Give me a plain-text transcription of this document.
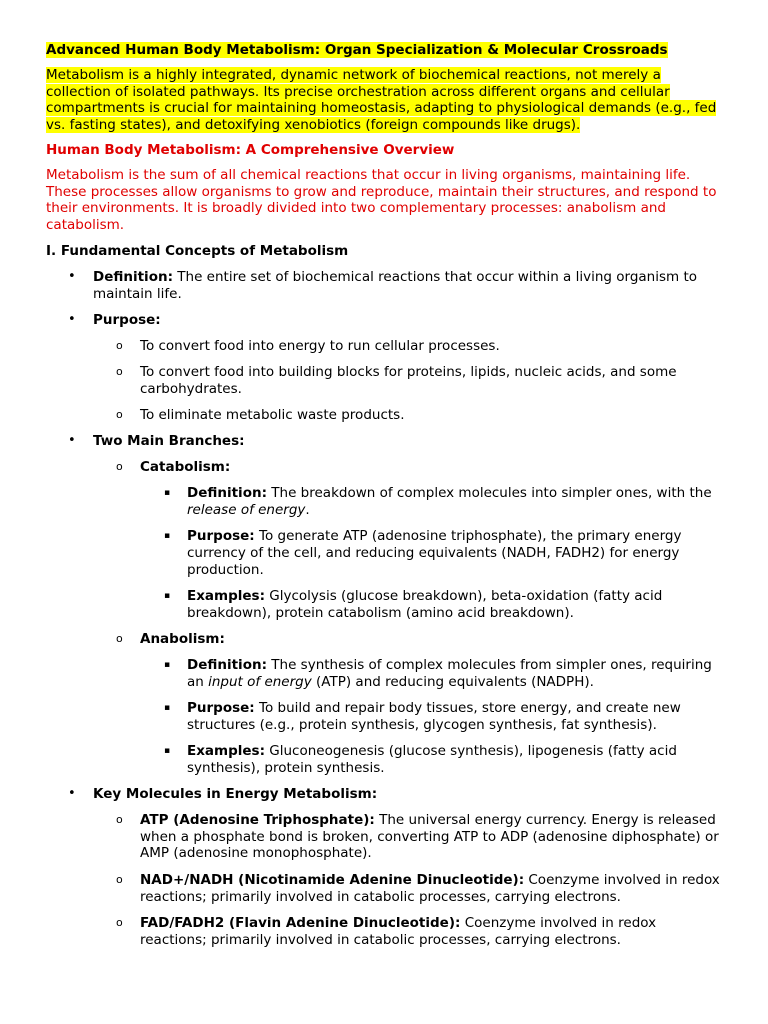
Advanced Human Body Metabolism: Organ Specialization & Molecular Crossroads

Metabolism is a highly integrated, dynamic network of biochemical reactions, not merely a collection of isolated pathways. Its precise orchestration across different organs and cellular compartments is crucial for maintaining homeostasis, adapting to physiological demands (e.g., fed vs. fasting states), and detoxifying xenobiotics (foreign compounds like drugs).

Human Body Metabolism: A Comprehensive Overview

Metabolism is the sum of all chemical reactions that occur in living organisms, maintaining life. These processes allow organisms to grow and reproduce, maintain their structures, and respond to their environments. It is broadly divided into two complementary processes: anabolism and catabolism.

I. Fundamental Concepts of Metabolism

• Definition: The entire set of biochemical reactions that occur within a living organism to maintain life.
• Purpose:
o To convert food into energy to run cellular processes.
o To convert food into building blocks for proteins, lipids, nucleic acids, and some carbohydrates.
o To eliminate metabolic waste products.
• Two Main Branches:
o Catabolism:
▪ Definition: The breakdown of complex molecules into simpler ones, with the release of energy.
▪ Purpose: To generate ATP (adenosine triphosphate), the primary energy currency of the cell, and reducing equivalents (NADH, FADH2) for energy production.
▪ Examples: Glycolysis (glucose breakdown), beta-oxidation (fatty acid breakdown), protein catabolism (amino acid breakdown).
o Anabolism:
▪ Definition: The synthesis of complex molecules from simpler ones, requiring an input of energy (ATP) and reducing equivalents (NADPH).
▪ Purpose: To build and repair body tissues, store energy, and create new structures (e.g., protein synthesis, glycogen synthesis, fat synthesis).
▪ Examples: Gluconeogenesis (glucose synthesis), lipogenesis (fatty acid synthesis), protein synthesis.
• Key Molecules in Energy Metabolism:
o ATP (Adenosine Triphosphate): The universal energy currency. Energy is released when a phosphate bond is broken, converting ATP to ADP (adenosine diphosphate) or AMP (adenosine monophosphate).
o NAD+/NADH (Nicotinamide Adenine Dinucleotide): Coenzyme involved in redox reactions; primarily involved in catabolic processes, carrying electrons.
o FAD/FADH2 (Flavin Adenine Dinucleotide): Coenzyme involved in redox reactions; primarily involved in catabolic processes, carrying electrons.
